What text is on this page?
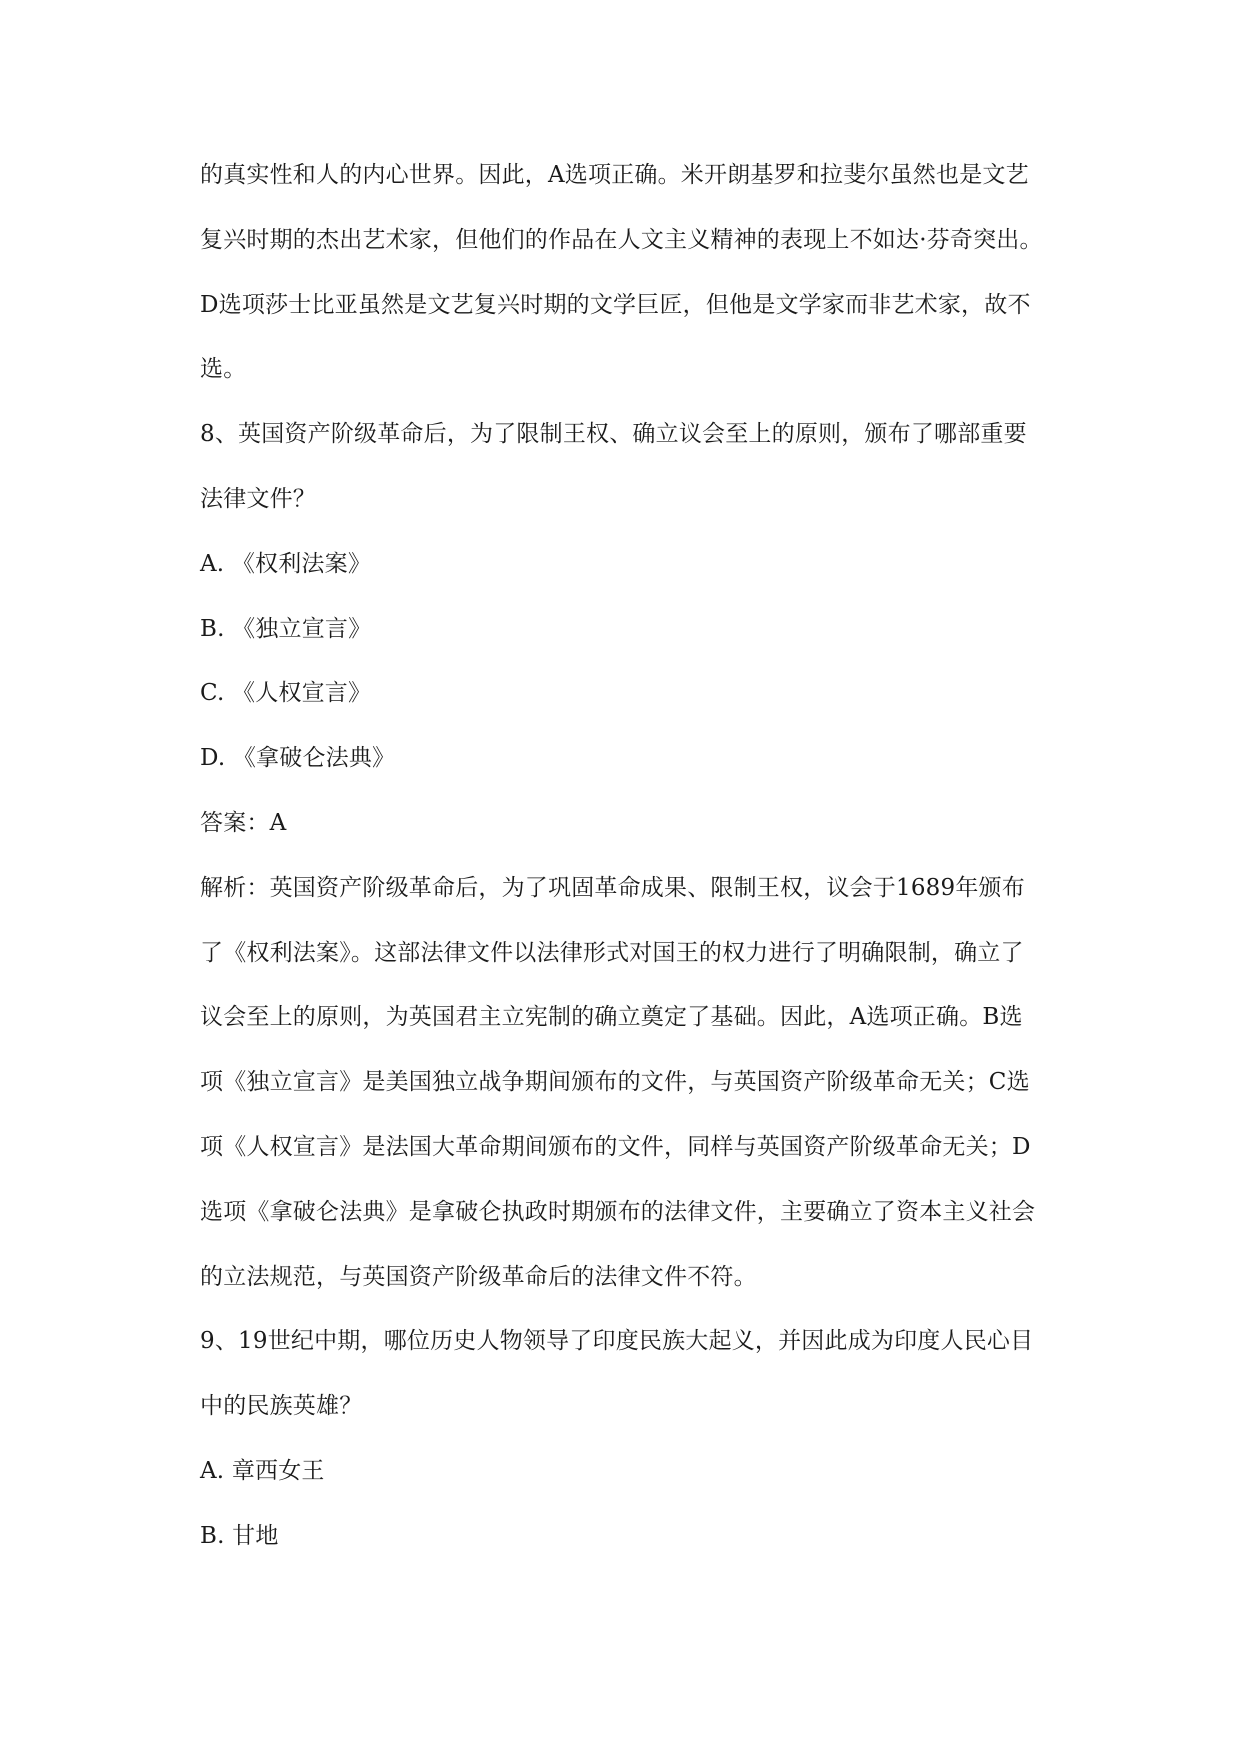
的真实性和人的内心世界。因此，A选项正确。米开朗基罗和拉斐尔虽然也是文艺
复兴时期的杰出艺术家，但他们的作品在人文主义精神的表现上不如达·芬奇突出。
D选项莎士比亚虽然是文艺复兴时期的文学巨匠，但他是文学家而非艺术家，故不
选。
8、英国资产阶级革命后，为了限制王权、确立议会至上的原则，颁布了哪部重要
法律文件？
A. 《权利法案》
B. 《独立宣言》
C. 《人权宣言》
D. 《拿破仑法典》
答案：A
解析：英国资产阶级革命后，为了巩固革命成果、限制王权，议会于1689年颁布
了《权利法案》。这部法律文件以法律形式对国王的权力进行了明确限制，确立了
议会至上的原则，为英国君主立宪制的确立奠定了基础。因此，A选项正确。B选
项《独立宣言》是美国独立战争期间颁布的文件，与英国资产阶级革命无关；C选
项《人权宣言》是法国大革命期间颁布的文件，同样与英国资产阶级革命无关；D
选项《拿破仑法典》是拿破仑执政时期颁布的法律文件，主要确立了资本主义社会
的立法规范，与英国资产阶级革命后的法律文件不符。
9、19世纪中期，哪位历史人物领导了印度民族大起义，并因此成为印度人民心目
中的民族英雄？
A. 章西女王
B. 甘地
